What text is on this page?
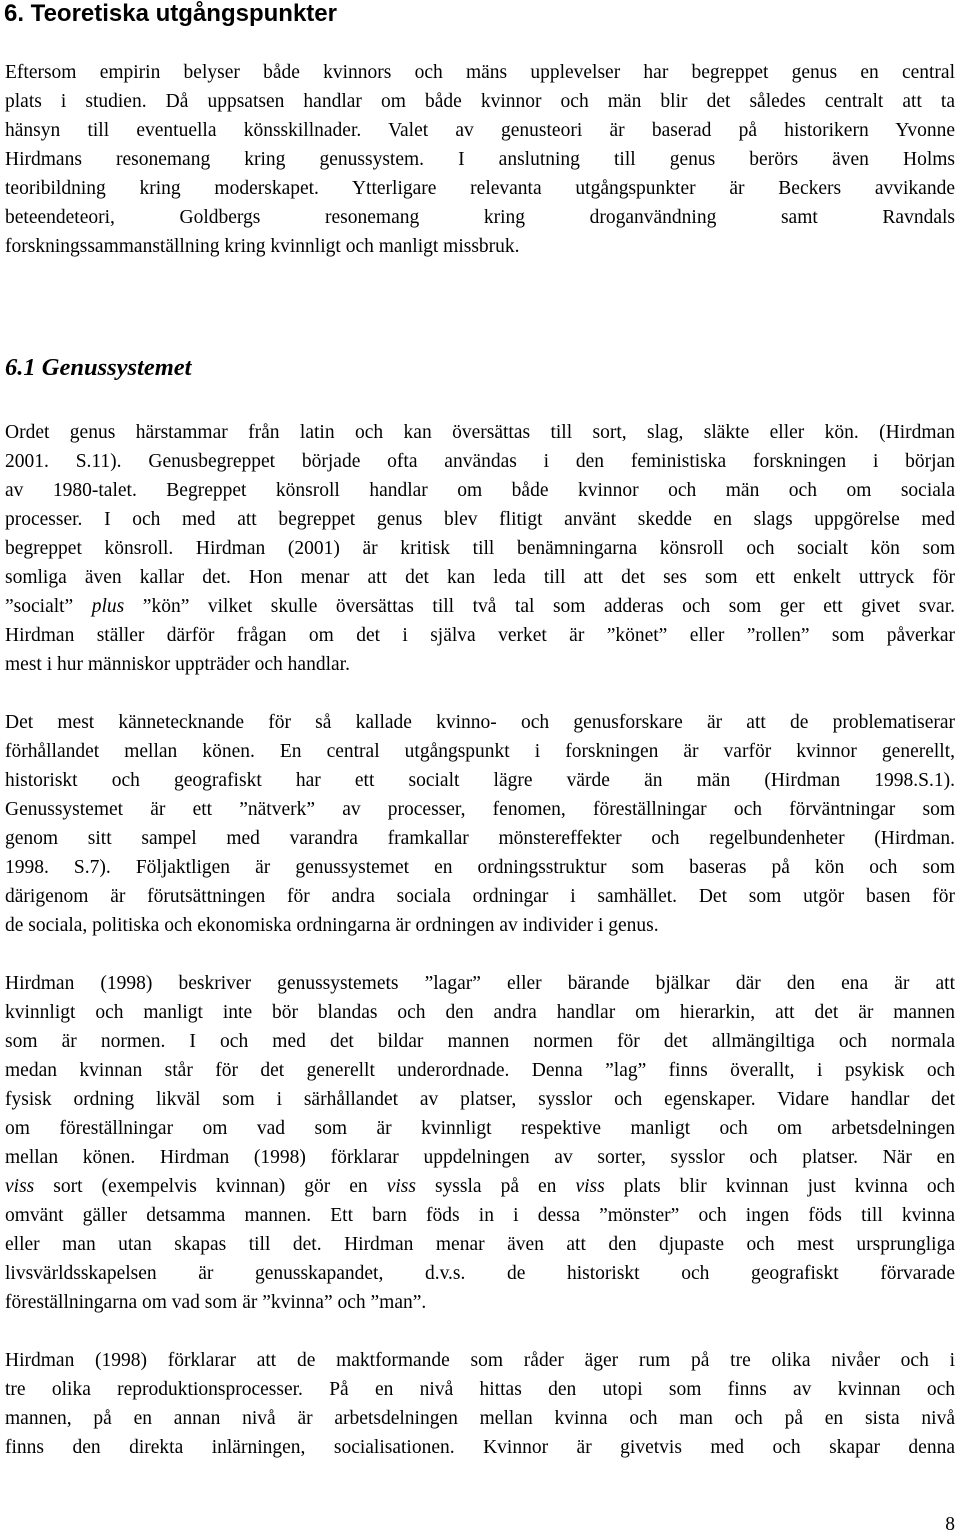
6. Teoretiska utgångspunkter
Eftersom empirin belyser både kvinnors och mäns upplevelser har begreppet genus en central
plats i studien. Då uppsatsen handlar om både kvinnor och män blir det således centralt att ta
hänsyn till eventuella könsskillnader. Valet av genusteori är baserad på historikern Yvonne
Hirdmans resonemang kring genussystem. I anslutning till genus berörs även Holms
teoribildning kring moderskapet. Ytterligare relevanta utgångspunkter är Beckers avvikande
beteendeteori, Goldbergs resonemang kring droganvändning samt Ravndals
forskningssammanställning kring kvinnligt och manligt missbruk.
6.1 Genussystemet
Ordet genus härstammar från latin och kan översättas till sort, slag, släkte eller kön. (Hirdman
2001. S.11). Genusbegreppet började ofta användas i den feministiska forskningen i början
av 1980-talet. Begreppet könsroll handlar om både kvinnor och män och om sociala
processer. I och med att begreppet genus blev flitigt använt skedde en slags uppgörelse med
begreppet könsroll. Hirdman (2001) är kritisk till benämningarna könsroll och socialt kön som
somliga även kallar det. Hon menar att det kan leda till att det ses som ett enkelt uttryck för
”socialt” plus ”kön” vilket skulle översättas till två tal som adderas och som ger ett givet svar.
Hirdman ställer därför frågan om det i själva verket är ”könet” eller ”rollen” som påverkar
mest i hur människor uppträder och handlar.
Det mest kännetecknande för så kallade kvinno- och genusforskare är att de problematiserar
förhållandet mellan könen. En central utgångspunkt i forskningen är varför kvinnor generellt,
historiskt och geografiskt har ett socialt lägre värde än män (Hirdman 1998.S.1).
Genussystemet är ett ”nätverk” av processer, fenomen, föreställningar och förväntningar som
genom sitt sampel med varandra framkallar mönstereffekter och regelbundenheter (Hirdman.
1998. S.7). Följaktligen är genussystemet en ordningsstruktur som baseras på kön och som
därigenom är förutsättningen för andra sociala ordningar i samhället. Det som utgör basen för
de sociala, politiska och ekonomiska ordningarna är ordningen av individer i genus.
Hirdman (1998) beskriver genussystemets ”lagar” eller bärande bjälkar där den ena är att
kvinnligt och manligt inte bör blandas och den andra handlar om hierarkin, att det är mannen
som är normen. I och med det bildar mannen normen för det allmängiltiga och normala
medan kvinnan står för det generellt underordnade. Denna ”lag” finns överallt, i psykisk och
fysisk ordning likväl som i särhållandet av platser, sysslor och egenskaper. Vidare handlar det
om föreställningar om vad som är kvinnligt respektive manligt och om arbetsdelningen
mellan könen. Hirdman (1998) förklarar uppdelningen av sorter, sysslor och platser. När en
viss sort (exempelvis kvinnan) gör en viss syssla på en viss plats blir kvinnan just kvinna och
omvänt gäller detsamma mannen. Ett barn föds in i dessa ”mönster” och ingen föds till kvinna
eller man utan skapas till det. Hirdman menar även att den djupaste och mest ursprungliga
livsvärldsskapelsen är genusskapandet, d.v.s. de historiskt och geografiskt förvarade
föreställningarna om vad som är ”kvinna” och ”man”.
Hirdman (1998) förklarar att de maktformande som råder äger rum på tre olika nivåer och i
tre olika reproduktionsprocesser. På en nivå hittas den utopi som finns av kvinnan och
mannen, på en annan nivå är arbetsdelningen mellan kvinna och man och på en sista nivå
finns den direkta inlärningen, socialisationen. Kvinnor är givetvis med och skapar denna
8
